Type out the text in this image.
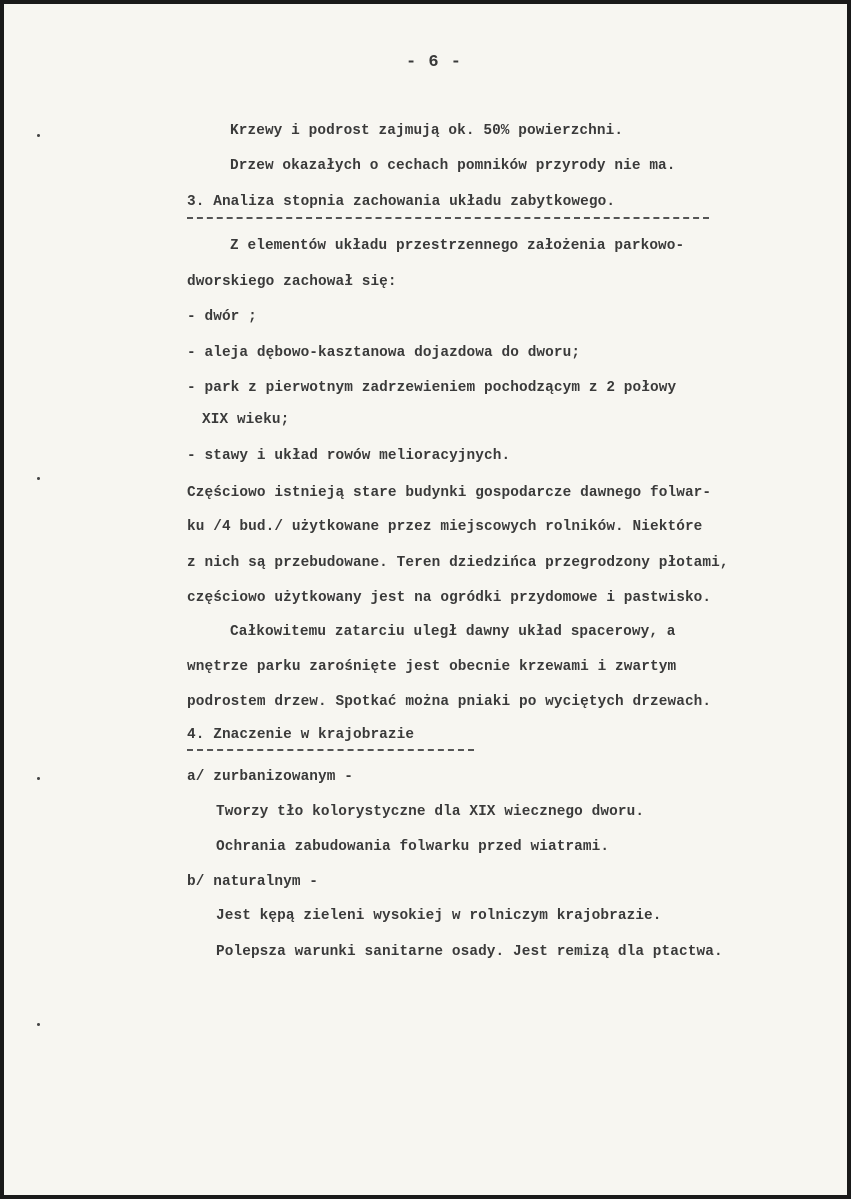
- 6 -
Krzewy i podrost zajmują ok. 50% powierzchni.
Drzew okazałych o cechach pomników przyrody nie ma.
3. Analiza stopnia zachowania układu zabytkowego.
Z elementów układu przestrzennego założenia parkowo-
dworskiego zachował się:
- dwór ;
- aleja dębowo-kasztanowa dojazdowa do dworu;
- park z pierwotnym zadrzewieniem pochodzącym z 2 połowy
XIX wieku;
- stawy i układ rowów melioracyjnych.
Częściowo istnieją stare budynki gospodarcze dawnego folwar-
ku /4 bud./ użytkowane przez miejscowych rolników. Niektóre
z nich są przebudowane. Teren dziedzińca przegrodzony płotami,
częściowo użytkowany jest na ogródki przydomowe i pastwisko.
Całkowitemu zatarciu uległ dawny układ spacerowy, a
wnętrze parku zarośnięte jest obecnie krzewami i zwartym
podrostem drzew. Spotkać można pniaki po wyciętych drzewach.
4. Znaczenie w krajobrazie
a/ zurbanizowanym -
Tworzy tło kolorystyczne dla XIX wiecznego dworu.
Ochrania zabudowania folwarku przed wiatrami.
b/ naturalnym -
Jest kępą zieleni wysokiej w rolniczym krajobrazie.
Polepsza warunki sanitarne osady. Jest remizą dla ptactwa.
